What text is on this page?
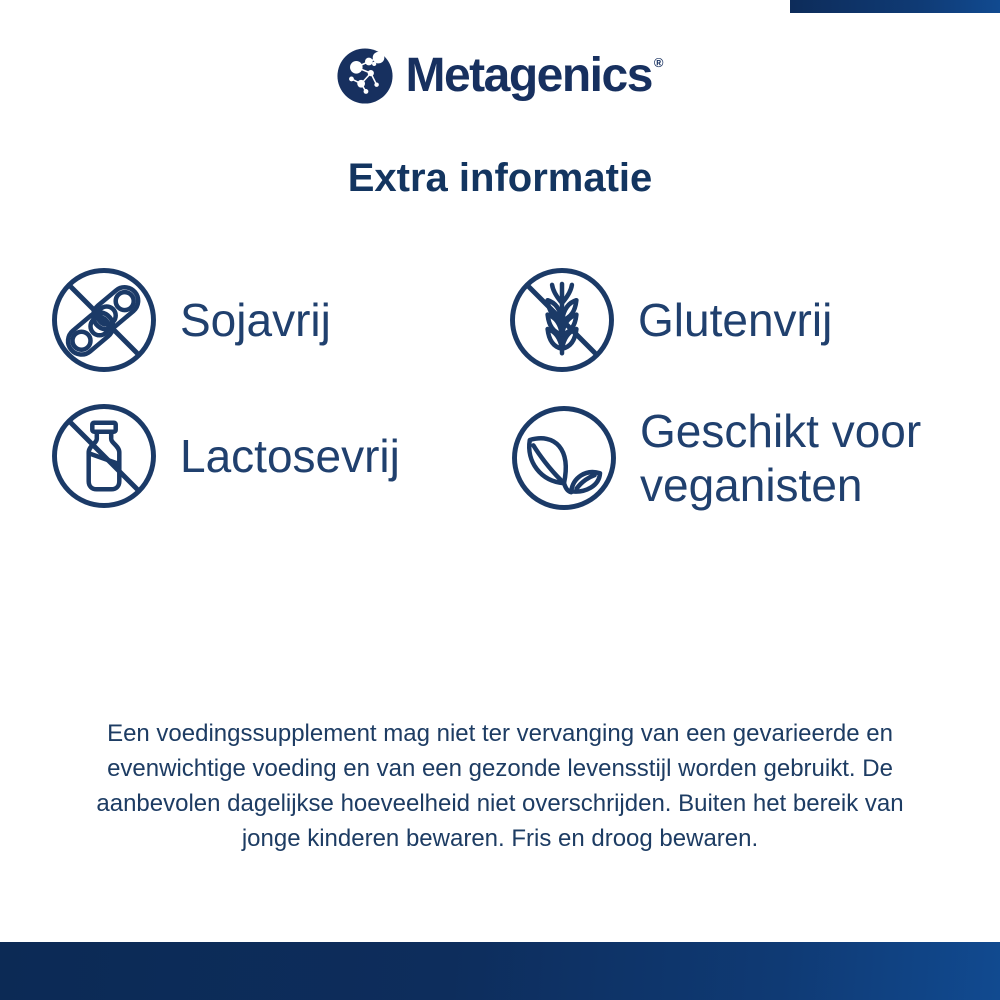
Metagenics ®
Extra informatie
Sojavrij	Glutenvrij
Lactosevrij	Geschikt voor veganisten
Een voedingssupplement mag niet ter vervanging van een gevarieerde en
evenwichtige voeding en van een gezonde levensstijl worden gebruikt. De
aanbevolen dagelijkse hoeveelheid niet overschrijden. Buiten het bereik van
jonge kinderen bewaren. Fris en droog bewaren.
